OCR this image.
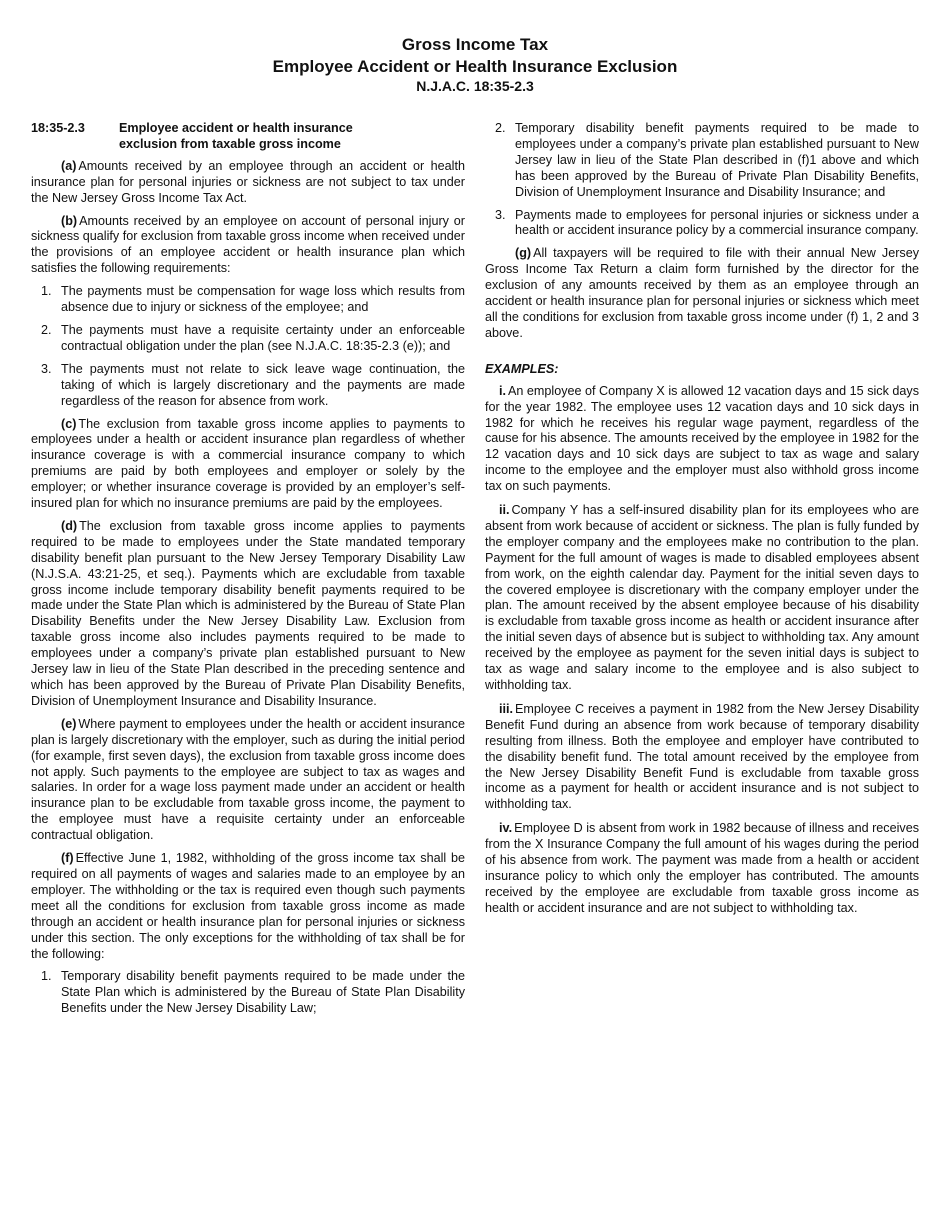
Gross Income Tax
Employee Accident or Health Insurance Exclusion
N.J.A.C. 18:35-2.3
18:35-2.3	Employee accident or health insurance
exclusion from taxable gross income

(a) Amounts received by an employee through an accident or health insurance plan for personal injuries or sickness are not subject to tax under the New Jersey Gross Income Tax Act.

(b) Amounts received by an employee on account of personal injury or sickness qualify for exclusion from taxable gross income when received under the provisions of an employee accident or health insurance plan which satisfies the following requirements:

1. The payments must be compensation for wage loss which results from absence due to injury or sickness of the employee; and
2. The payments must have a requisite certainty under an enforceable contractual obligation under the plan (see N.J.A.C. 18:35-2.3 (e)); and
3. The payments must not relate to sick leave wage continuation, the taking of which is largely discretionary and the payments are made regardless of the reason for absence from work.

(c) The exclusion from taxable gross income applies to payments to employees under a health or accident insurance plan regardless of whether insurance coverage is with a commercial insurance company to which premiums are paid by both employees and employer or solely by the employer; or whether insurance coverage is provided by an employer’s self-insured plan for which no insurance premiums are paid by the employees.

(d) The exclusion from taxable gross income applies to payments required to be made to employees under the State mandated temporary disability benefit plan pursuant to the New Jersey Temporary Disability Law (N.J.S.A. 43:21-25, et seq.). Payments which are excludable from taxable gross income include temporary disability benefit payments required to be made under the State Plan which is administered by the Bureau of State Plan Disability Benefits under the New Jersey Disability Law. Exclusion from taxable gross income also includes payments required to be made to employees under a company’s private plan established pursuant to New Jersey law in lieu of the State Plan described in the preceding sentence and which has been approved by the Bureau of Private Plan Disability Benefits, Division of Unemployment Insurance and Disability Insurance.

(e) Where payment to employees under the health or accident insurance plan is largely discretionary with the employer, such as during the initial period (for example, first seven days), the exclusion from taxable gross income does not apply. Such payments to the employee are subject to tax as wages and salaries. In order for a wage loss payment made under an accident or health insurance plan to be excludable from taxable gross income, the payment to the employee must have a requisite certainty under an enforceable contractual obligation.

(f) Effective June 1, 1982, withholding of the gross income tax shall be required on all payments of wages and salaries made to an employee by an employer. The withholding or the tax is required even though such payments meet all the conditions for exclusion from taxable gross income as made through an accident or health insurance plan for personal injuries or sickness under this section. The only exceptions for the withholding of tax shall be for the following:

1. Temporary disability benefit payments required to be made under the State Plan which is administered by the Bureau of State Plan Disability Benefits under the New Jersey Disability Law;
2. Temporary disability benefit payments required to be made to employees under a company’s private plan established pursuant to New Jersey law in lieu of the State Plan described in (f)1 above and which has been approved by the Bureau of Private Plan Disability Benefits, Division of Unemployment Insurance and Disability Insurance; and
3. Payments made to employees for personal injuries or sickness under a health or accident insurance policy by a commercial insurance company.

(g) All taxpayers will be required to file with their annual New Jersey Gross Income Tax Return a claim form furnished by the director for the exclusion of any amounts received by them as an employee through an accident or health insurance plan for personal injuries or sickness which meet all the conditions for exclusion from taxable gross income under (f) 1, 2 and 3 above.

EXAMPLES:

i. An employee of Company X is allowed 12 vacation days and 15 sick days for the year 1982. The employee uses 12 vacation days and 10 sick days in 1982 for which he receives his regular wage payment, regardless of the cause for his absence. The amounts received by the employee in 1982 for the 12 vacation days and 10 sick days are subject to tax as wage and salary income to the employee and the employer must also withhold gross income tax on such payments.

ii. Company Y has a self-insured disability plan for its employees who are absent from work because of accident or sickness. The plan is fully funded by the employer company and the employees make no contribution to the plan. Payment for the full amount of wages is made to disabled employees absent from work, on the eighth calendar day. Payment for the initial seven days to the covered employee is discretionary with the company employer under the plan. The amount received by the absent employee because of his disability is excludable from taxable gross income as health or accident insurance after the initial seven days of absence but is subject to withholding tax. Any amount received by the employee as payment for the seven initial days is subject to tax as wage and salary income to the employee and is also subject to withholding tax.

iii. Employee C receives a payment in 1982 from the New Jersey Disability Benefit Fund during an absence from work because of temporary disability resulting from illness. Both the employee and employer have contributed to the disability benefit fund. The total amount received by the employee from the New Jersey Disability Benefit Fund is excludable from taxable gross income as a payment for health or accident insurance and is not subject to withholding tax.

iv. Employee D is absent from work in 1982 because of illness and receives from the X Insurance Company the full amount of his wages during the period of his absence from work. The payment was made from a health or accident insurance policy to which only the employer has contributed. The amounts received by the employee are excludable from taxable gross income as health or accident insurance and are not subject to withholding tax.
